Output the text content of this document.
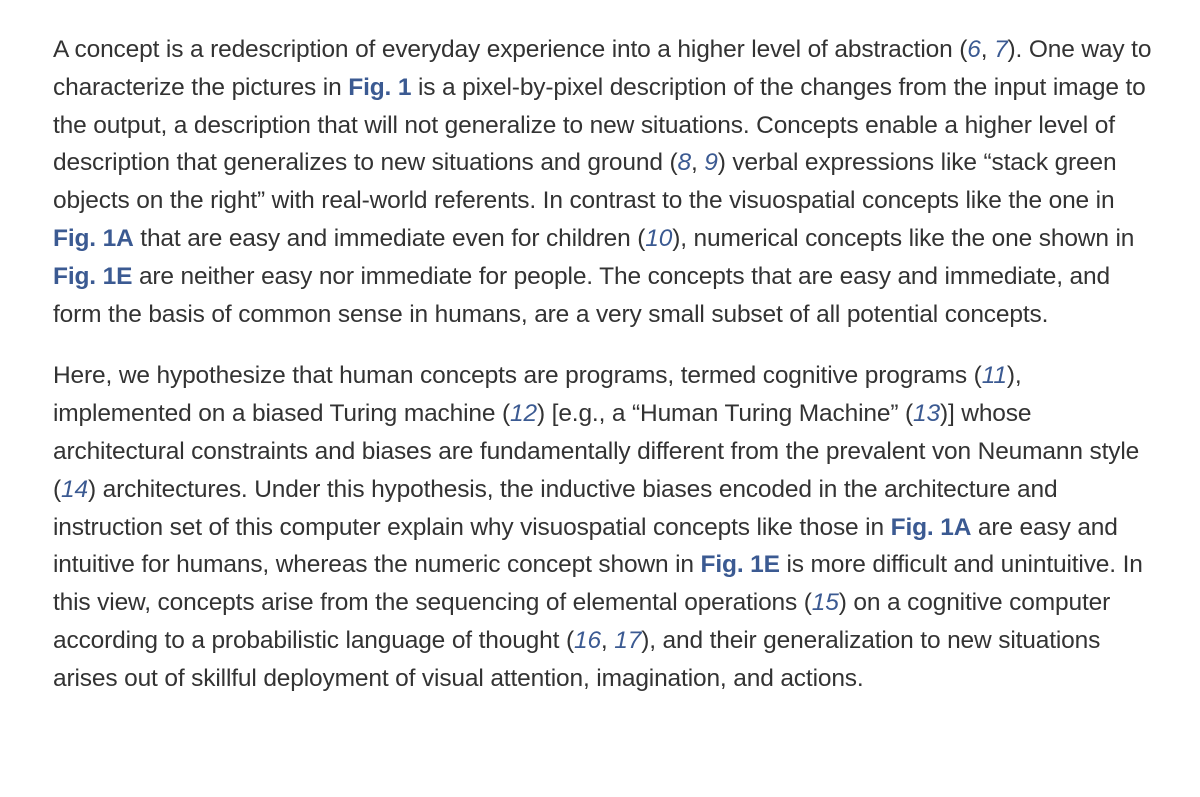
A concept is a redescription of everyday experience into a higher level of abstraction (6, 7). One way to characterize the pictures in Fig. 1 is a pixel-by-pixel description of the changes from the input image to the output, a description that will not generalize to new situations. Concepts enable a higher level of description that generalizes to new situations and ground (8, 9) verbal expressions like “stack green objects on the right” with real-world referents. In contrast to the visuospatial concepts like the one in Fig. 1A that are easy and immediate even for children (10), numerical concepts like the one shown in Fig. 1E are neither easy nor immediate for people. The concepts that are easy and immediate, and form the basis of common sense in humans, are a very small subset of all potential concepts.

Here, we hypothesize that human concepts are programs, termed cognitive programs (11), implemented on a biased Turing machine (12) [e.g., a “Human Turing Machine” (13)] whose architectural constraints and biases are fundamentally different from the prevalent von Neumann style (14) architectures. Under this hypothesis, the inductive biases encoded in the architecture and instruction set of this computer explain why visuospatial concepts like those in Fig. 1A are easy and intuitive for humans, whereas the numeric concept shown in Fig. 1E is more difficult and unintuitive. In this view, concepts arise from the sequencing of elemental operations (15) on a cognitive computer according to a probabilistic language of thought (16, 17), and their generalization to new situations arises out of skillful deployment of visual attention, imagination, and actions.
